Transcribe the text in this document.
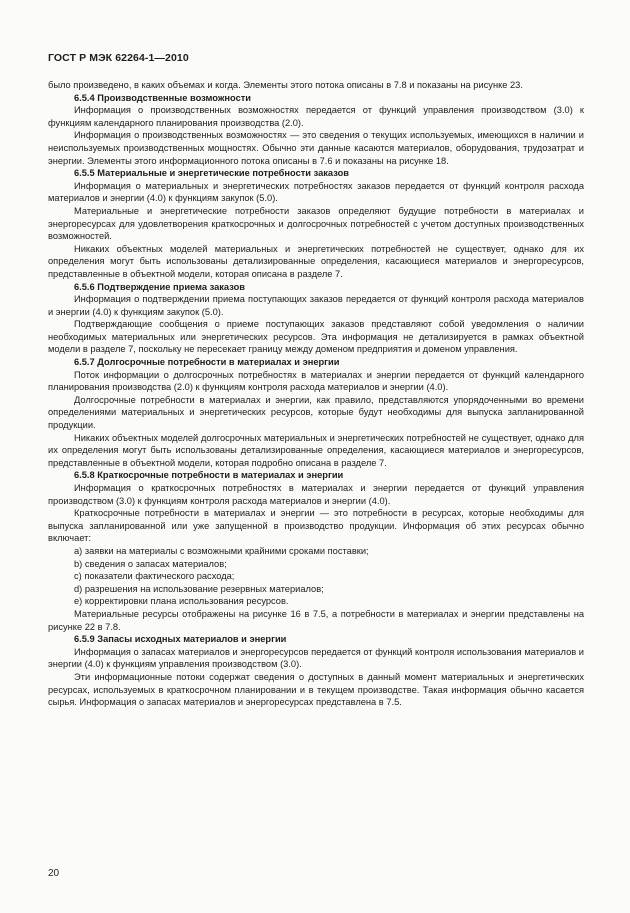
ГОСТ Р МЭК 62264-1—2010

было произведено, в каких объемах и когда. Элементы этого потока описаны в 7.8 и показаны на рисунке 23.

6.5.4 Производственные возможности

Информация о производственных возможностях передается от функций управления производством (3.0) к функциям календарного планирования производства (2.0).

Информация о производственных возможностях — это сведения о текущих используемых, имеющихся в наличии и неиспользуемых производственных мощностях. Обычно эти данные касаются материалов, оборудования, трудозатрат и энергии. Элементы этого информационного потока описаны в 7.6 и показаны на рисунке 18.

6.5.5 Материальные и энергетические потребности заказов

Информация о материальных и энергетических потребностях заказов передается от функций контроля расхода материалов и энергии (4.0) к функциям закупок (5.0).

Материальные и энергетические потребности заказов определяют будущие потребности в материалах и энергоресурсах для удовлетворения краткосрочных и долгосрочных потребностей с учетом доступных производственных возможностей.

Никаких объектных моделей материальных и энергетических потребностей не существует, однако для их определения могут быть использованы детализированные определения, касающиеся материалов и энергоресурсов, представленные в объектной модели, которая описана в разделе 7.

6.5.6 Подтверждение приема заказов

Информация о подтверждении приема поступающих заказов передается от функций контроля расхода материалов и энергии (4.0) к функциям закупок (5.0).

Подтверждающие сообщения о приеме поступающих заказов представляют собой уведомления о наличии необходимых материальных или энергетических ресурсов. Эта информация не детализируется в рамках объектной модели в разделе 7, поскольку не пересекает границу между доменом предприятия и доменом управления.

6.5.7 Долгосрочные потребности в материалах и энергии

Поток информации о долгосрочных потребностях в материалах и энергии передается от функций календарного планирования производства (2.0) к функциям контроля расхода материалов и энергии (4.0).

Долгосрочные потребности в материалах и энергии, как правило, представляются упорядоченными во времени определениями материальных и энергетических ресурсов, которые будут необходимы для выпуска запланированной продукции.

Никаких объектных моделей долгосрочных материальных и энергетических потребностей не существует, однако для их определения могут быть использованы детализированные определения, касающиеся материалов и энергоресурсов, представленные в объектной модели, которая подробно описана в разделе 7.

6.5.8 Краткосрочные потребности в материалах и энергии

Информация о краткосрочных потребностях в материалах и энергии передается от функций управления производством (3.0) к функциям контроля расхода материалов и энергии (4.0).

Краткосрочные потребности в материалах и энергии — это потребности в ресурсах, которые необходимы для выпуска запланированной или уже запущенной в производство продукции. Информация об этих ресурсах обычно включает:

a) заявки на материалы с возможными крайними сроками поставки;

b) сведения о запасах материалов;

c) показатели фактического расхода;

d) разрешения на использование резервных материалов;

e) корректировки плана использования ресурсов.

Материальные ресурсы отображены на рисунке 16 в 7.5, а потребности в материалах и энергии представлены на рисунке 22 в 7.8.

6.5.9 Запасы исходных материалов и энергии

Информация о запасах материалов и энергоресурсов передается от функций контроля использования материалов и энергии (4.0) к функциям управления производством (3.0).

Эти информационные потоки содержат сведения о доступных в данный момент материальных и энергетических ресурсах, используемых в краткосрочном планировании и в текущем производстве. Такая информация обычно касается сырья. Информация о запасах материалов и энергоресурсах представлена в 7.5.

20
